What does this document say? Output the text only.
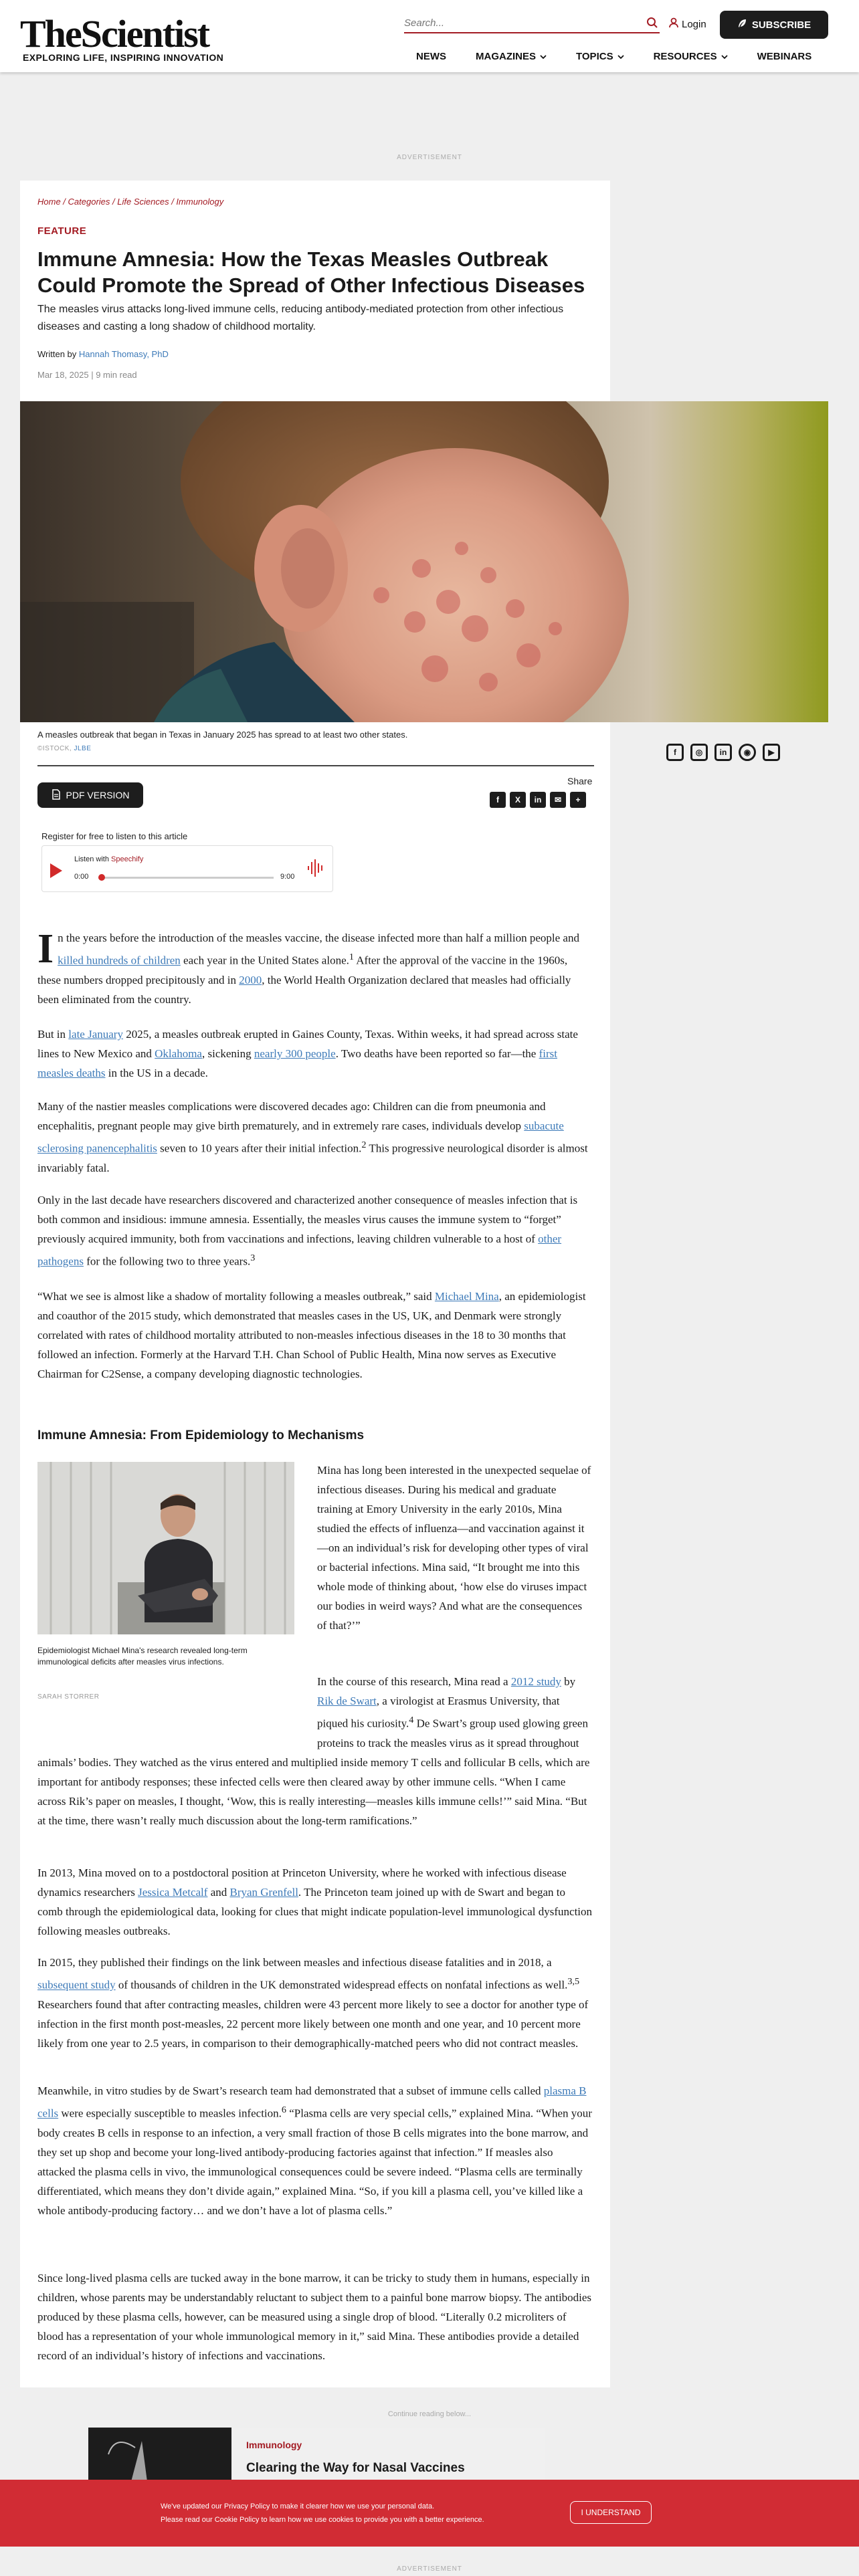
TheScientist
EXPLORING LIFE, INSPIRING INNOVATION
Search...
Login	SUBSCRIBE
NEWS	MAGAZINES	TOPICS	RESOURCES	WEBINARS
ADVERTISEMENT
Home / Categories / Life Sciences / Immunology
FEATURE
Immune Amnesia: How the Texas Measles Outbreak Could Promote the Spread of Other Infectious Diseases
The measles virus attacks long-lived immune cells, reducing antibody-mediated protection from other infectious diseases and casting a long shadow of childhood mortality.
Written by Hannah Thomasy, PhD
Mar 18, 2025 | 9 min read
A measles outbreak that began in Texas in January 2025 has spread to at least two other states.
©ISTOCK, JLBE	f	◎	in	◉	▶
Share
f	X	in	✉	+
PDF VERSION
Register for free to listen to this article
Listen with Speechify
0:00	9:00
In the years before the introduction of the measles vaccine, the disease infected more than half a million people and killed hundreds of children each year in the United States alone.$^1$ After the approval of the vaccine in the 1960s, these numbers dropped precipitously and in 2000, the World Health Organization declared that measles had officially been eliminated from the country.
But in late January 2025, a measles outbreak erupted in Gaines County, Texas. Within weeks, it had spread across state lines to New Mexico and Oklahoma, sickening nearly 300 people. Two deaths have been reported so far—the first measles deaths in the US in a decade.
Many of the nastier measles complications were discovered decades ago: Children can die from pneumonia and encephalitis, pregnant people may give birth prematurely, and in extremely rare cases, individuals develop subacute sclerosing panencephalitis seven to 10 years after their initial infection.$^2$ This progressive neurological disorder is almost invariably fatal.
Only in the last decade have researchers discovered and characterized another consequence of measles infection that is both common and insidious: immune amnesia. Essentially, the measles virus causes the immune system to “forget” previously acquired immunity, both from vaccinations and infections, leaving children vulnerable to a host of other pathogens for the following two to three years.$^3$
“What we see is almost like a shadow of mortality following a measles outbreak,” said Michael Mina, an epidemiologist and coauthor of the 2015 study, which demonstrated that measles cases in the US, UK, and Denmark were strongly correlated with rates of childhood mortality attributed to non-measles infectious diseases in the 18 to 30 months that followed an infection. Formerly at the Harvard T.H. Chan School of Public Health, Mina now serves as Executive Chairman for C2Sense, a company developing diagnostic technologies.
Immune Amnesia: From Epidemiology to Mechanisms
Epidemiologist Michael Mina's research revealed long-term immunological deficits after measles virus infections.
SARAH STORRER
Mina has long been interested in the unexpected sequelae of infectious diseases. During his medical and graduate training at Emory University in the early 2010s, Mina studied the effects of influenza—and vaccination against it—on an individual’s risk for developing other types of viral or bacterial infections. Mina said, “It brought me into this whole mode of thinking about, ‘how else do viruses impact our bodies in weird ways? And what are the consequences of that?’”
In the course of this research, Mina read a 2012 study by Rik de Swart, a virologist at Erasmus University, that piqued his curiosity.$^4$ De Swart’s group used glowing green proteins to track the measles virus as it spread throughout animals’ bodies. They watched as the virus entered and multiplied inside memory T cells and follicular B cells, which are important for antibody responses; these infected cells were then cleared away by other immune cells. “When I came across Rik’s paper on measles, I thought, ‘Wow, this is really interesting—measles kills immune cells!’” said Mina. “But at the time, there wasn’t really much discussion about the long-term ramifications.”
In 2013, Mina moved on to a postdoctoral position at Princeton University, where he worked with infectious disease dynamics researchers Jessica Metcalf and Bryan Grenfell. The Princeton team joined up with de Swart and began to comb through the epidemiological data, looking for clues that might indicate population-level immunological dysfunction following measles outbreaks.
In 2015, they published their findings on the link between measles and infectious disease fatalities and in 2018, a subsequent study of thousands of children in the UK demonstrated widespread effects on nonfatal infections as well.$^{3,5}$ Researchers found that after contracting measles, children were 43 percent more likely to see a doctor for another type of infection in the first month post-measles, 22 percent more likely between one month and one year, and 10 percent more likely from one year to 2.5 years, in comparison to their demographically-matched peers who did not contract measles.
Meanwhile, in vitro studies by de Swart’s research team had demonstrated that a subset of immune cells called plasma B cells were especially susceptible to measles infection.$^6$ “Plasma cells are very special cells,” explained Mina. “When your body creates B cells in response to an infection, a very small fraction of those B cells migrates into the bone marrow, and they set up shop and become your long-lived antibody-producing factories against that infection.” If measles also attacked the plasma cells in vivo, the immunological consequences could be severe indeed. “Plasma cells are terminally differentiated, which means they don’t divide again,” explained Mina. “So, if you kill a plasma cell, you’ve killed like a whole antibody-producing factory… and we don’t have a lot of plasma cells.”
Since long-lived plasma cells are tucked away in the bone marrow, it can be tricky to study them in humans, especially in children, whose parents may be understandably reluctant to subject them to a painful bone marrow biopsy. The antibodies produced by these plasma cells, however, can be measured using a single drop of blood. “Literally 0.2 microliters of blood has a representation of your whole immunological memory in it,” said Mina. These antibodies provide a detailed record of an individual’s history of infections and vaccinations.
Continue reading below...
Immunology
Clearing the Way for Nasal Vaccines
We've updated our Privacy Policy to make it clearer how we use your personal data.
Please read our Cookie Policy to learn how we use cookies to provide you with a better experience.
I UNDERSTAND
ADVERTISEMENT
